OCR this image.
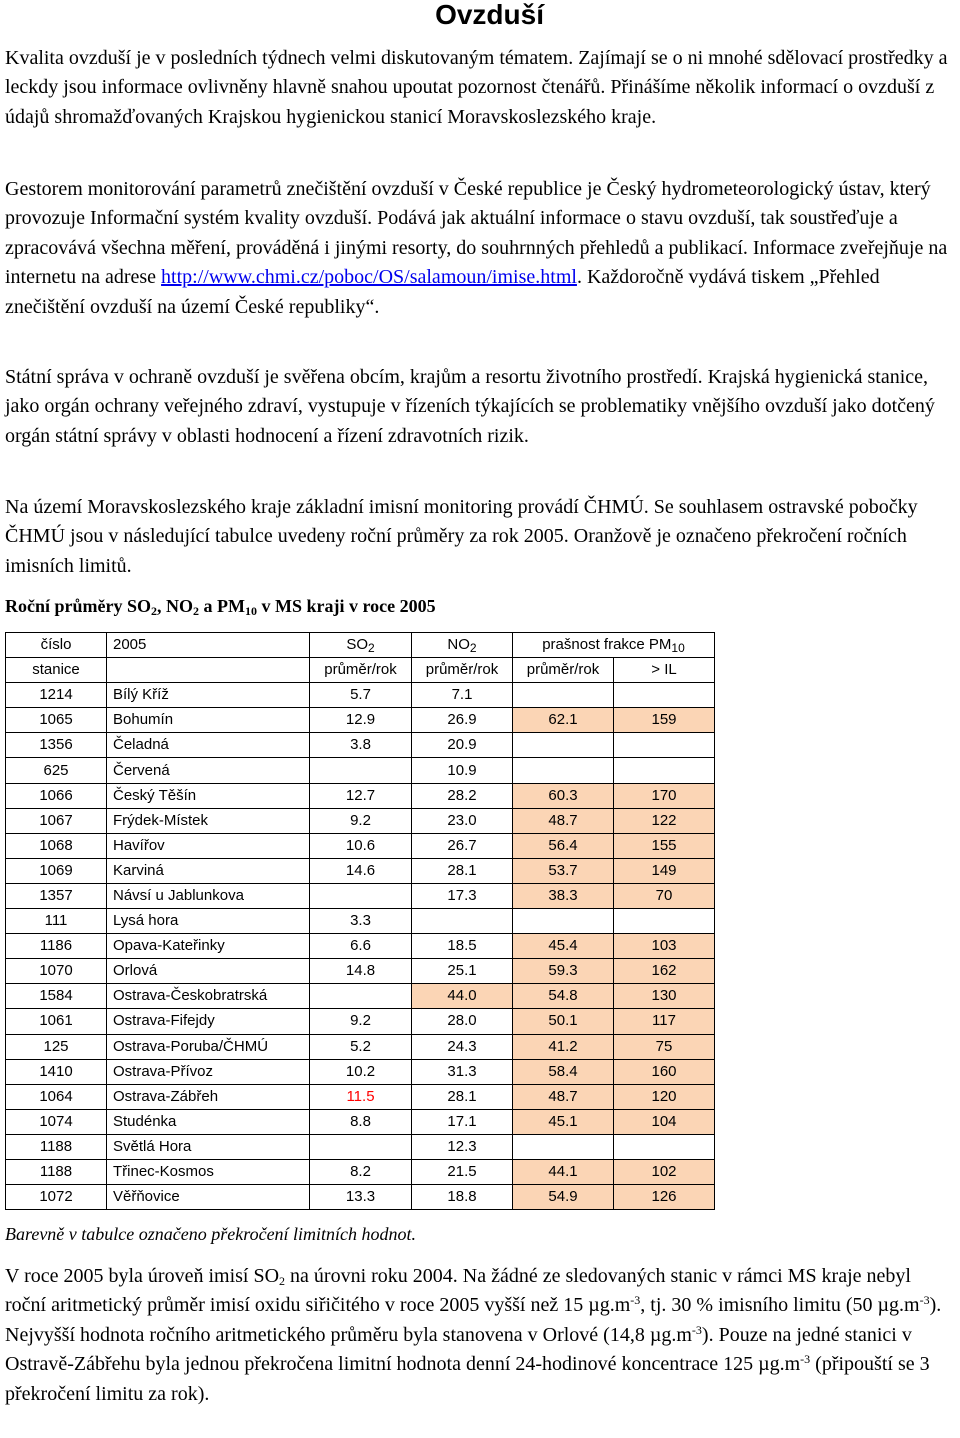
Ovzduší

Kvalita ovzduší je v posledních týdnech velmi diskutovaným tématem. Zajímají se o ni mnohé sdělovací prostředky a leckdy jsou informace ovlivněny hlavně snahou upoutat pozornost čtenářů. Přinášíme několik informací o ovzduší z údajů shromažďovaných Krajskou hygienickou stanicí Moravskoslezského kraje.

Gestorem monitorování parametrů znečištění ovzduší v České republice je Český hydrometeorologický ústav, který provozuje Informační systém kvality ovzduší. Podává jak aktuální informace o stavu ovzduší, tak soustřeďuje a zpracovává všechna měření, prováděná i jinými resorty, do souhrnných přehledů a publikací. Informace zveřejňuje na internetu na adrese http://www.chmi.cz/poboc/OS/salamoun/imise.html. Každoročně vydává tiskem „Přehled znečištění ovzduší na území České republiky“.

Státní správa v ochraně ovzduší je svěřena obcím, krajům a resortu životního prostředí. Krajská hygienická stanice, jako orgán ochrany veřejného zdraví, vystupuje v řízeních týkajících se problematiky vnějšího ovzduší jako dotčený orgán státní správy v oblasti hodnocení a řízení zdravotních rizik.

Na území Moravskoslezského kraje základní imisní monitoring provádí ČHMÚ. Se souhlasem ostravské pobočky ČHMÚ jsou v následující tabulce uvedeny roční průměry za rok 2005. Oranžově je označeno překročení ročních imisních limitů.

Roční průměry $SO_2$, $NO_2$ a $PM_{10}$ v MS kraji v roce 2005
číslo	2005	$SO_2$	$NO_2$	prašnost frakce $PM_{10}$
stanice		průměr/rok	průměr/rok	průměr/rok	> IL
1214	Bílý Kříž	5.7	7.1		
1065	Bohumín	12.9	26.9	62.1	159
1356	Čeladná	3.8	20.9		
625	Červená		10.9		
1066	Český Těšín	12.7	28.2	60.3	170
1067	Frýdek-Místek	9.2	23.0	48.7	122
1068	Havířov	10.6	26.7	56.4	155
1069	Karviná	14.6	28.1	53.7	149
1357	Návsí u Jablunkova		17.3	38.3	70
111	Lysá hora	3.3			
1186	Opava-Kateřinky	6.6	18.5	45.4	103
1070	Orlová	14.8	25.1	59.3	162
1584	Ostrava-Českobratrská		44.0	54.8	130
1061	Ostrava-Fifejdy	9.2	28.0	50.1	117
125	Ostrava-Poruba/ČHMÚ	5.2	24.3	41.2	75
1410	Ostrava-Přívoz	10.2	31.3	58.4	160
1064	Ostrava-Zábřeh	11.5	28.1	48.7	120
1074	Studénka	8.8	17.1	45.1	104
1188	Světlá Hora		12.3		
1188	Třinec-Kosmos	8.2	21.5	44.1	102
1072	Věřňovice	13.3	18.8	54.9	126
Barevně v tabulce označeno překročení limitních hodnot.

V roce 2005 byla úroveň imisí $SO_2$ na úrovni roku 2004. Na žádné ze sledovaných stanic v rámci MS kraje nebyl roční aritmetický průměr imisí oxidu siřičitého v roce 2005 vyšší než 15 $\mu g.m^{-3}$, tj. 30 % imisního limitu (50 $\mu g.m^{-3}$). Nejvyšší hodnota ročního aritmetického průměru byla stanovena v Orlové (14,8 $\mu g.m^{-3}$). Pouze na jedné stanici v Ostravě-Zábřehu byla jednou překročena limitní hodnota denní 24-hodinové koncentrace 125 $\mu g.m^{-3}$ (připouští se 3 překročení limitu za rok).
